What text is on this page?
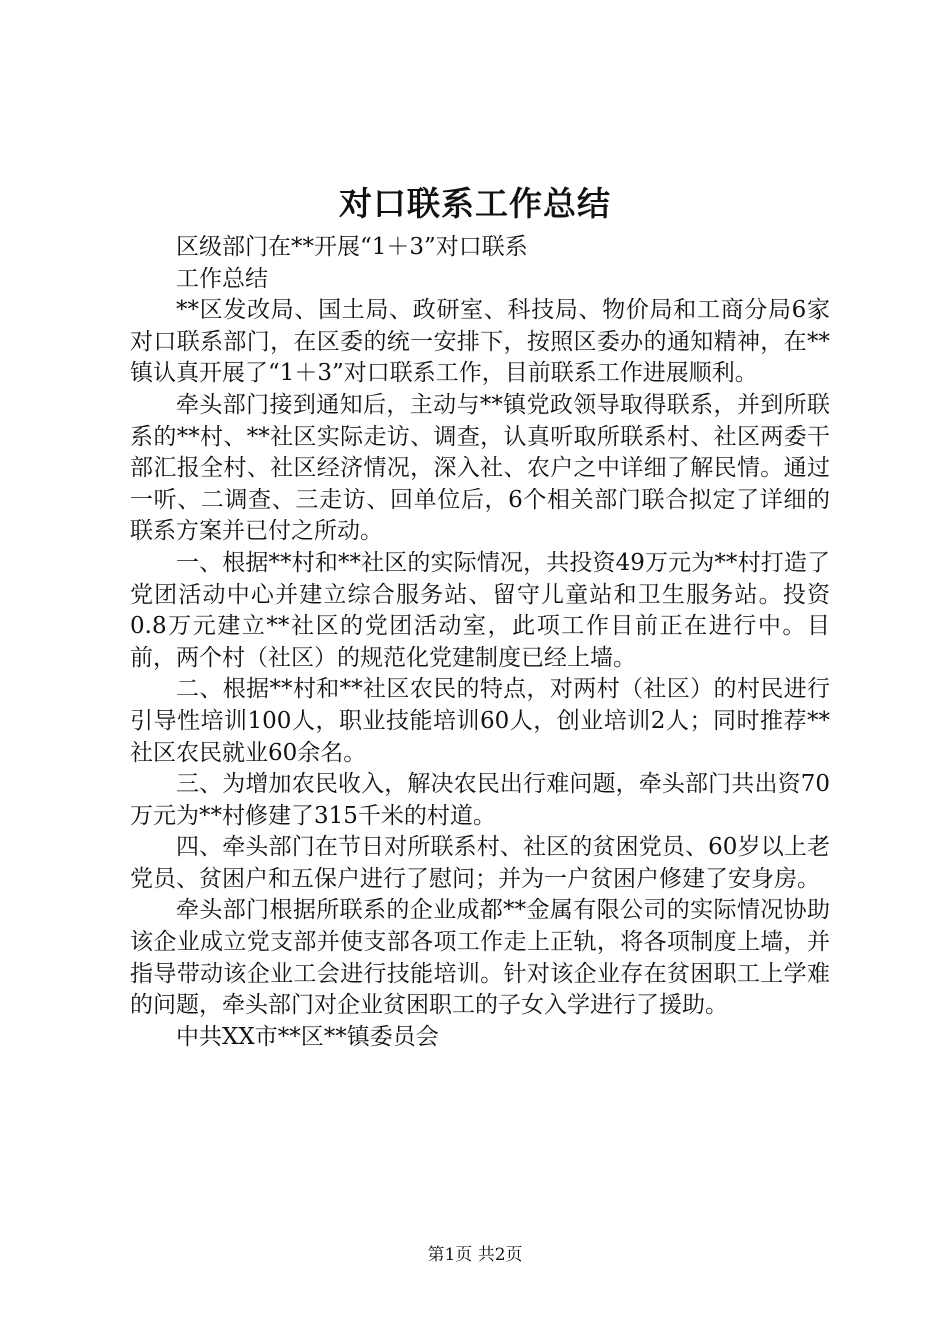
对口联系工作总结

区级部门在**开展“1＋3”对口联系

工作总结

**区发改局、国土局、政研室、科技局、物价局和工商分局6家对口联系部门，在区委的统一安排下，按照区委办的通知精神，在**镇认真开展了“1＋3”对口联系工作，目前联系工作进展顺利。

牵头部门接到通知后，主动与**镇党政领导取得联系，并到所联系的**村、**社区实际走访、调查，认真听取所联系村、社区两委干部汇报全村、社区经济情况，深入社、农户之中详细了解民情。通过一听、二调查、三走访、回单位后，6个相关部门联合拟定了详细的联系方案并已付之所动。

一、根据**村和**社区的实际情况，共投资49万元为**村打造了党团活动中心并建立综合服务站、留守儿童站和卫生服务站。投资0.8万元建立**社区的党团活动室，此项工作目前正在进行中。目前，两个村（社区）的规范化党建制度已经上墙。

二、根据**村和**社区农民的特点，对两村（社区）的村民进行引导性培训100人，职业技能培训60人，创业培训2人；同时推荐**社区农民就业60余名。

三、为增加农民收入，解决农民出行难问题，牵头部门共出资70万元为**村修建了315千米的村道。

四、牵头部门在节日对所联系村、社区的贫困党员、60岁以上老党员、贫困户和五保户进行了慰问；并为一户贫困户修建了安身房。

牵头部门根据所联系的企业成都**金属有限公司的实际情况协助该企业成立党支部并使支部各项工作走上正轨，将各项制度上墙，并指导带动该企业工会进行技能培训。针对该企业存在贫困职工上学难的问题，牵头部门对企业贫困职工的子女入学进行了援助。

中共XX市**区**镇委员会

第1页 共2页
